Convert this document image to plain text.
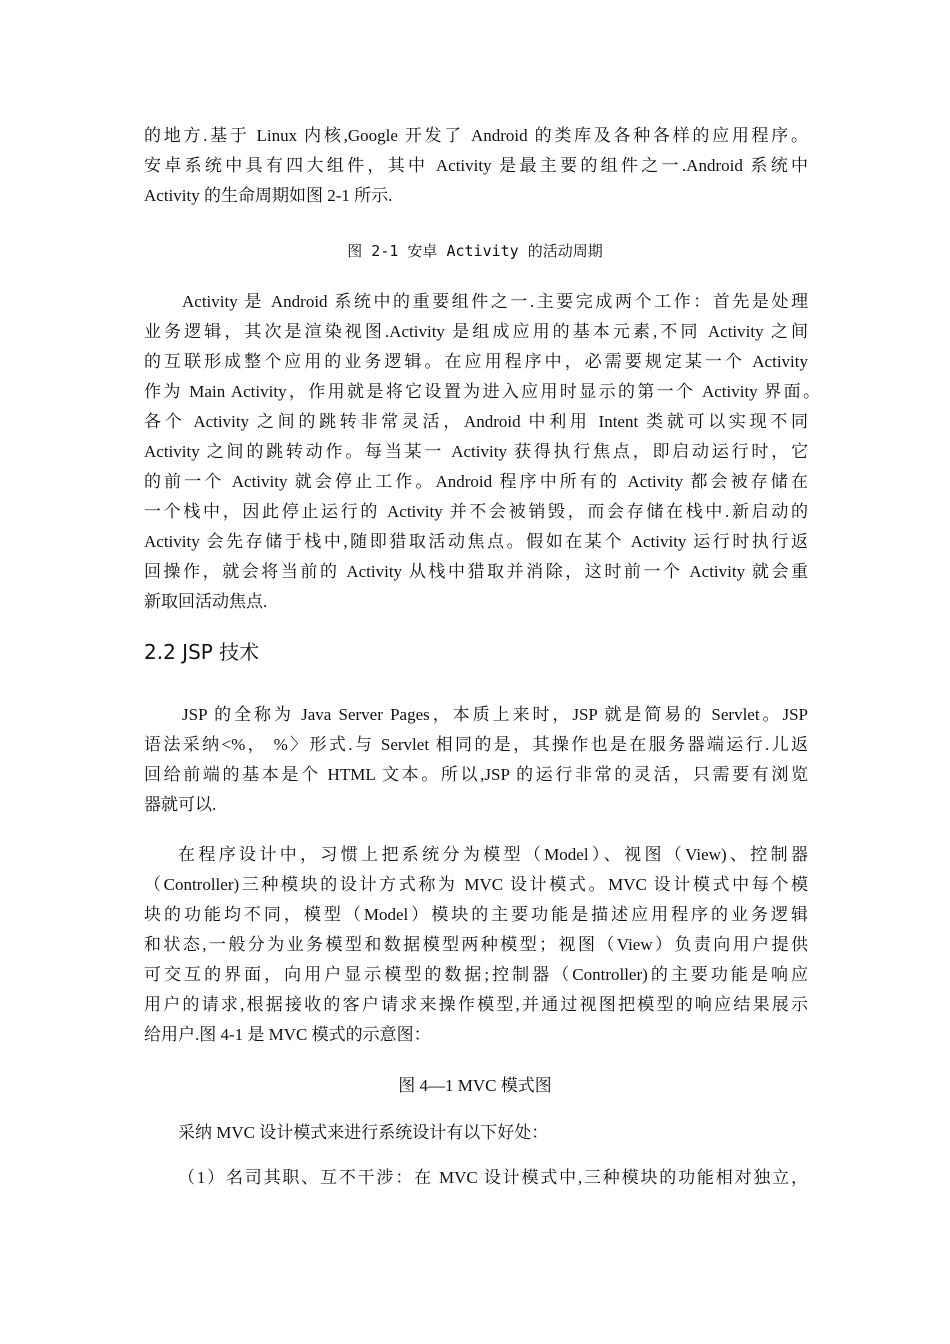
的地方.基于 Linux 内核,Google 开发了 Android 的类库及各种各样的应用程序。
安卓系统中具有四大组件，其中 Activity 是最主要的组件之一.Android 系统中
Activity 的生命周期如图 2-1 所示.
图 2-1 安卓 Activity 的活动周期
Activity 是 Android 系统中的重要组件之一.主要完成两个工作：首先是处理
业务逻辑，其次是渲染视图.Activity 是组成应用的基本元素,不同 Activity 之间
的互联形成整个应用的业务逻辑。在应用程序中，必需要规定某一个 Activity
作为 Main Activity，作用就是将它设置为进入应用时显示的第一个 Activity 界面。
各个 Activity 之间的跳转非常灵活，Android 中利用 Intent 类就可以实现不同
Activity 之间的跳转动作。每当某一 Activity 获得执行焦点，即启动运行时，它
的前一个 Activity 就会停止工作。Android 程序中所有的 Activity 都会被存储在
一个栈中，因此停止运行的 Activity 并不会被销毁，而会存储在栈中.新启动的
Activity 会先存储于栈中,随即猎取活动焦点。假如在某个 Activity 运行时执行返
回操作，就会将当前的 Activity 从栈中猎取并消除，这时前一个 Activity 就会重
新取回活动焦点.
2.2 JSP 技术
JSP 的全称为 Java Server Pages，本质上来时，JSP 就是简易的 Servlet。JSP
语法采纳<%， %〉形式.与 Servlet 相同的是，其操作也是在服务器端运行.儿返
回给前端的基本是个 HTML 文本。所以,JSP 的运行非常的灵活，只需要有浏览
器就可以.
在程序设计中，习惯上把系统分为模型（Model）、视图（View)、控制器
（Controller)三种模块的设计方式称为 MVC 设计模式。MVC 设计模式中每个模
块的功能均不同，模型（Model）模块的主要功能是描述应用程序的业务逻辑
和状态,一般分为业务模型和数据模型两种模型；视图（View）负责向用户提供
可交互的界面，向用户显示模型的数据;控制器（Controller)的主要功能是响应
用户的请求,根据接收的客户请求来操作模型,并通过视图把模型的响应结果展示
给用户.图 4-1 是 MVC 模式的示意图：
图 4—1 MVC 模式图
采纳 MVC 设计模式来进行系统设计有以下好处：
（1）名司其职、互不干涉：在 MVC 设计模式中,三种模块的功能相对独立，
